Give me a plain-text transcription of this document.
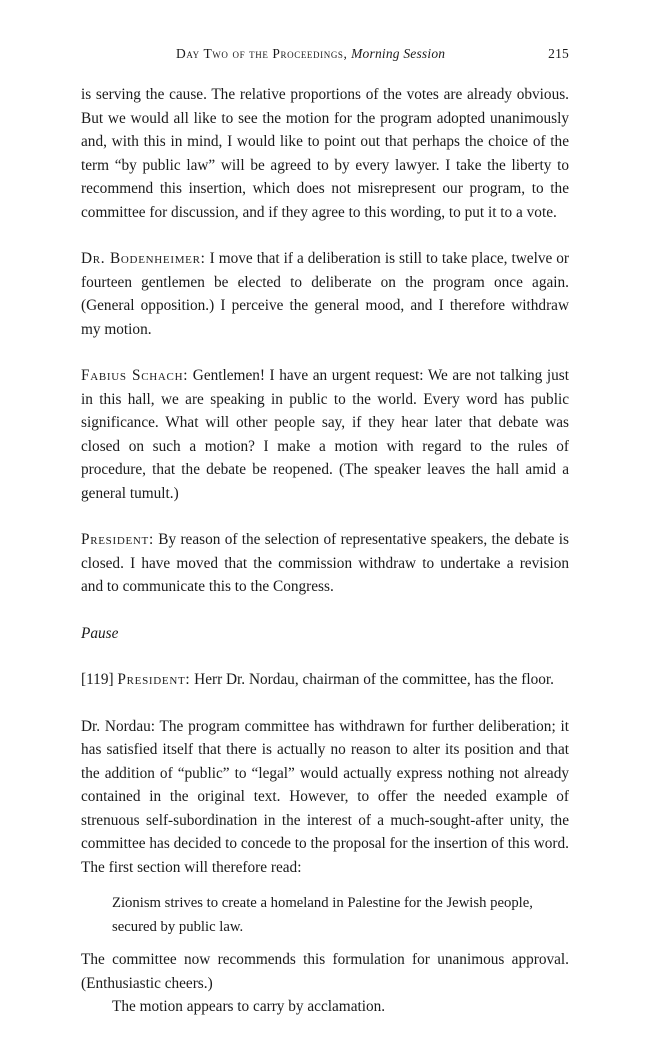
Day Two of the Proceedings, Morning Session	215

is serving the cause. The relative proportions of the votes are already obvious. But we would all like to see the motion for the program adopted unanimously and, with this in mind, I would like to point out that perhaps the choice of the term “by public law” will be agreed to by every lawyer. I take the liberty to recommend this insertion, which does not misrepresent our program, to the committee for discussion, and if they agree to this wording, to put it to a vote.

Dr. Bodenheimer: I move that if a deliberation is still to take place, twelve or fourteen gentlemen be elected to deliberate on the program once again. (General opposition.) I perceive the general mood, and I therefore withdraw my motion.

Fabius Schach: Gentlemen! I have an urgent request: We are not talking just in this hall, we are speaking in public to the world. Every word has public significance. What will other people say, if they hear later that debate was closed on such a motion? I make a motion with regard to the rules of procedure, that the debate be reopened. (The speaker leaves the hall amid a general tumult.)

President: By reason of the selection of representative speakers, the debate is closed. I have moved that the commission withdraw to undertake a revision and to communicate this to the Congress.

Pause

[119] President: Herr Dr. Nordau, chairman of the committee, has the floor.

Dr. Nordau: The program committee has withdrawn for further deliberation; it has satisfied itself that there is actually no reason to alter its position and that the addition of “public” to “legal” would actually express nothing not already contained in the original text. However, to offer the needed example of strenuous self-subordination in the interest of a much-sought-after unity, the committee has decided to concede to the proposal for the insertion of this word. The first section will therefore read:

Zionism strives to create a homeland in Palestine for the Jewish people, secured by public law.

The committee now recommends this formulation for unanimous approval. (Enthusiastic cheers.)

The motion appears to carry by acclamation.
